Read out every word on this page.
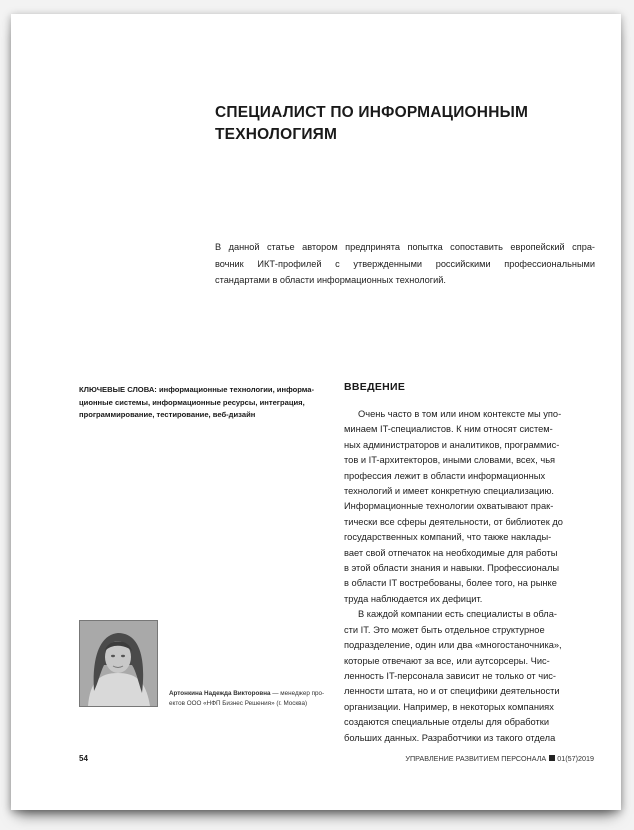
СПЕЦИАЛИСТ ПО ИНФОРМАЦИОННЫМ
ТЕХНОЛОГИЯМ
В данной статье автором предпринята попытка сопоставить европейский спра-
вочник ИКТ-профилей с утвержденными российскими профессиональными
стандартами в области информационных технологий.
КЛЮЧЕВЫЕ СЛОВА: информационные технологии, информа-
ционные системы, информационные ресурсы, интеграция,
программирование, тестирование, веб-дизайн
ВВЕДЕНИЕ
Очень часто в том или ином контексте мы упо-
минаем IT-специалистов. К ним относят систем-
ных администраторов и аналитиков, программис-
тов и IT-архитекторов, иными словами, всех, чья
профессия лежит в области информационных
технологий и имеет конкретную специализацию.
Информационные технологии охватывают прак-
тически все сферы деятельности, от библиотек до
государственных компаний, что также наклады-
вает свой отпечаток на необходимые для работы
в этой области знания и навыки. Профессионалы
в области IT востребованы, более того, на рынке
труда наблюдается их дефицит.
В каждой компании есть специалисты в обла-
сти IT. Это может быть отдельное структурное
подразделение, один или два «многостаночника»,
которые отвечают за все, или аутсорсеры. Чис-
ленность IT-персонала зависит не только от чис-
ленности штата, но и от специфики деятельности
организации. Например, в некоторых компаниях
создаются специальные отделы для обработки
больших данных. Разработчики из такого отдела
Артонкина Надежда Викторовна — менеджер про-
ектов ООО «НФП Бизнес Решения» (г. Москва)
54	УПРАВЛЕНИЕ РАЗВИТИЕМ ПЕРСОНАЛА 01(57)2019
